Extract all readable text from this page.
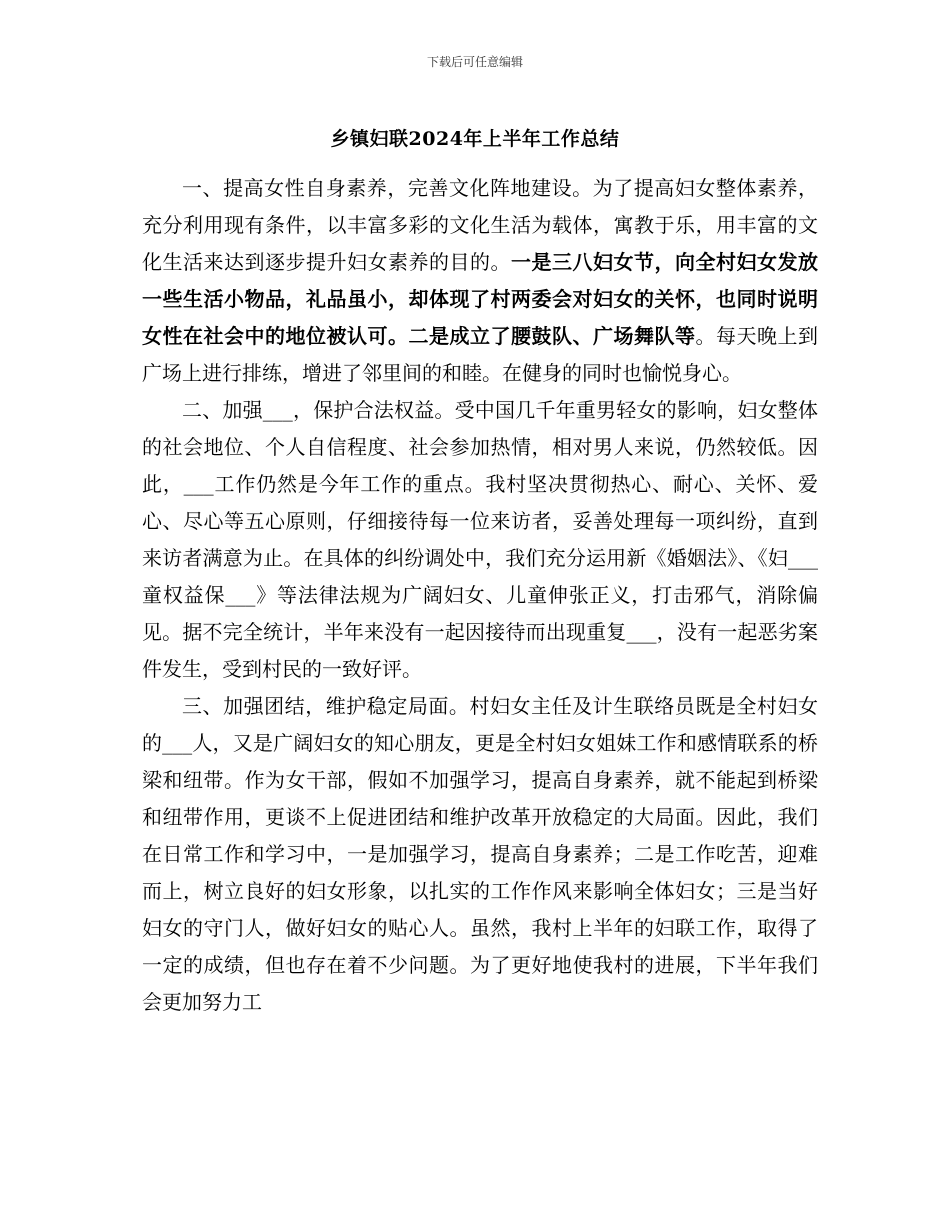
下载后可任意编辑
乡镇妇联2024年上半年工作总结

一、提高女性自身素养，完善文化阵地建设。为了提高妇女整体素养，充分利用现有条件，以丰富多彩的文化生活为载体，寓教于乐，用丰富的文化生活来达到逐步提升妇女素养的目的。一是三八妇女节，向全村妇女发放一些生活小物品，礼品虽小，却体现了村两委会对妇女的关怀，也同时说明女性在社会中的地位被认可。二是成立了腰鼓队、广场舞队等。每天晚上到广场上进行排练，增进了邻里间的和睦。在健身的同时也愉悦身心。

二、加强___，保护合法权益。受中国几千年重男轻女的影响，妇女整体的社会地位、个人自信程度、社会参加热情，相对男人来说，仍然较低。因此，___工作仍然是今年工作的重点。我村坚决贯彻热心、耐心、关怀、爱心、尽心等五心原则，仔细接待每一位来访者，妥善处理每一项纠纷，直到来访者满意为止。在具体的纠纷调处中，我们充分运用新《婚姻法》、《妇___童权益保___》等法律法规为广阔妇女、儿童伸张正义，打击邪气，消除偏见。据不完全统计，半年来没有一起因接待而出现重复___，没有一起恶劣案件发生，受到村民的一致好评。

三、加强团结，维护稳定局面。村妇女主任及计生联络员既是全村妇女的___人，又是广阔妇女的知心朋友，更是全村妇女姐妹工作和感情联系的桥梁和纽带。作为女干部，假如不加强学习，提高自身素养，就不能起到桥梁和纽带作用，更谈不上促进团结和维护改革开放稳定的大局面。因此，我们在日常工作和学习中，一是加强学习，提高自身素养；二是工作吃苦，迎难而上，树立良好的妇女形象，以扎实的工作作风来影响全体妇女；三是当好妇女的守门人，做好妇女的贴心人。虽然，我村上半年的妇联工作，取得了一定的成绩，但也存在着不少问题。为了更好地使我村的进展，下半年我们会更加努力工
